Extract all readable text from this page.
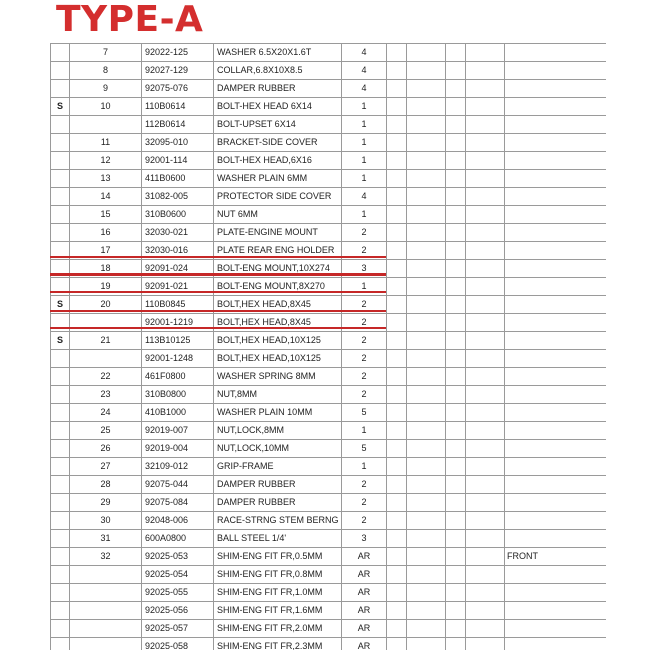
TYPE-A
	7	92022-125	WASHER 6.5X20X1.6T	4					
	8	92027-129	COLLAR,6.8X10X8.5	4					
	9	92075-076	DAMPER RUBBER	4					
S	10	110B0614	BOLT-HEX HEAD 6X14	1					
		112B0614	BOLT-UPSET 6X14	1					
	11	32095-010	BRACKET-SIDE COVER	1					
	12	92001-114	BOLT-HEX HEAD,6X16	1					
	13	411B0600	WASHER PLAIN 6MM	1					
	14	31082-005	PROTECTOR SIDE COVER	4					
	15	310B0600	NUT 6MM	1					
	16	32030-021	PLATE-ENGINE MOUNT	2					
	17	32030-016	PLATE REAR ENG HOLDER	2					
	18	92091-024	BOLT-ENG MOUNT,10X274	3					
	19	92091-021	BOLT-ENG MOUNT,8X270	1					
S	20	110B0845	BOLT,HEX HEAD,8X45	2					
		92001-1219	BOLT,HEX HEAD,8X45	2					
S	21	113B10125	BOLT,HEX HEAD,10X125	2					
		92001-1248	BOLT,HEX HEAD,10X125	2					
	22	461F0800	WASHER SPRING 8MM	2					
	23	310B0800	NUT,8MM	2					
	24	410B1000	WASHER PLAIN 10MM	5					
	25	92019-007	NUT,LOCK,8MM	1					
	26	92019-004	NUT,LOCK,10MM	5					
	27	32109-012	GRIP-FRAME	1					
	28	92075-044	DAMPER RUBBER	2					
	29	92075-084	DAMPER RUBBER	2					
	30	92048-006	RACE-STRNG STEM BERNG	2					
	31	600A0800	BALL STEEL 1/4'	3					
	32	92025-053	SHIM-ENG FIT FR,0.5MM	AR					FRONT
		92025-054	SHIM-ENG FIT FR,0.8MM	AR					
		92025-055	SHIM-ENG FIT FR,1.0MM	AR					
		92025-056	SHIM-ENG FIT FR,1.6MM	AR					
		92025-057	SHIM-ENG FIT FR,2.0MM	AR					
		92025-058	SHIM-ENG FIT FR,2.3MM	AR					
